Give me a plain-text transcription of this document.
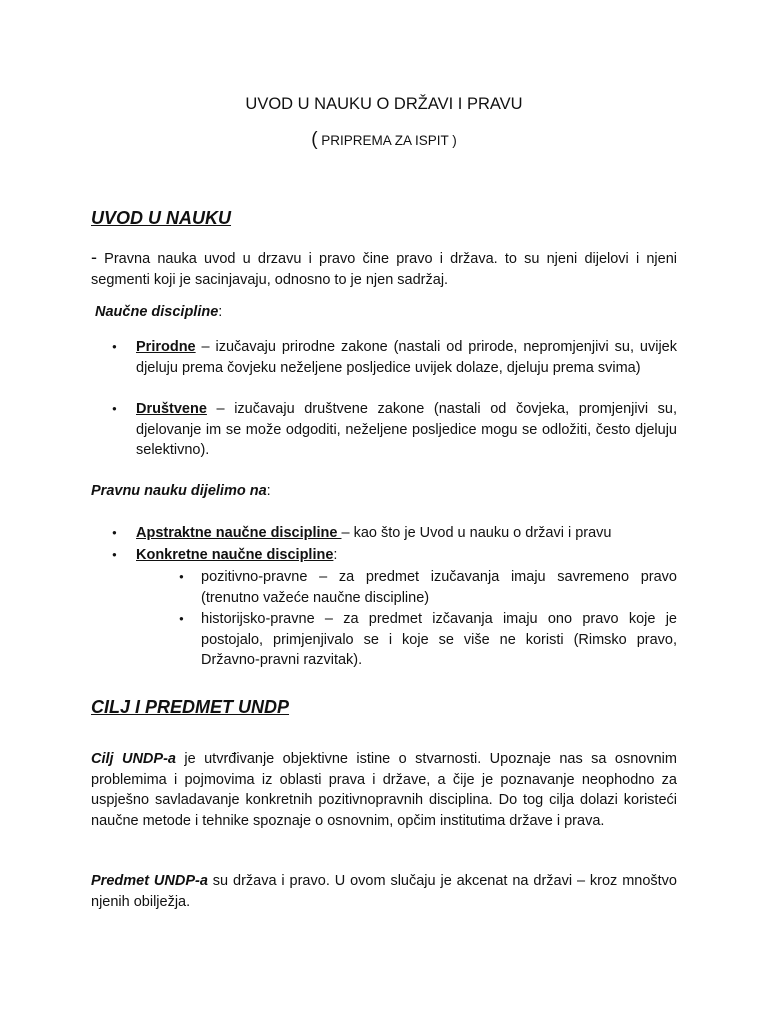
UVOD U NAUKU O DRŽAVI I PRAVU
( PRIPREMA ZA ISPIT )
UVOD U NAUKU

- Pravna nauka uvod u drzavu i pravo čine pravo i država. to su njeni dijelovi i njeni segmenti koji je sacinjavaju, odnosno to je njen sadržaj.

Naučne discipline:

● Prirodne – izučavaju prirodne zakone (nastali od prirode, nepromjenjivi su, uvijek djeluju prema čovjeku neželjene posljedice uvijek dolaze, djeluju prema svima)

● Društvene – izučavaju društvene zakone (nastali od čovjeka, promjenjivi su, djelovanje im se može odgoditi, neželjene posljedice mogu se odložiti, često djeluju selektivno).

Pravnu nauku dijelimo na:

● Apstraktne naučne discipline – kao što je Uvod u nauku o državi i pravu

● Konkretne naučne discipline:

● pozitivno-pravne – za predmet izučavanja imaju savremeno pravo (trenutno važeće naučne discipline)

● historijsko-pravne – za predmet izčavanja imaju ono pravo koje je postojalo, primjenjivalo se i koje se više ne koristi (Rimsko pravo, Državno-pravni razvitak).

CILJ I PREDMET UNDP

Cilj UNDP-a je utvrđivanje objektivne istine o stvarnosti. Upoznaje nas sa osnovnim problemima i pojmovima iz oblasti prava i države, a čije je poznavanje neophodno za uspješno savladavanje konkretnih pozitivnopravnih disciplina. Do tog cilja dolazi koristeći naučne metode i tehnike spoznaje o osnovnim, opčim institutima države i prava.

Predmet UNDP-a su država i pravo. U ovom slučaju je akcenat na državi – kroz mnoštvo njenih obilježja.
